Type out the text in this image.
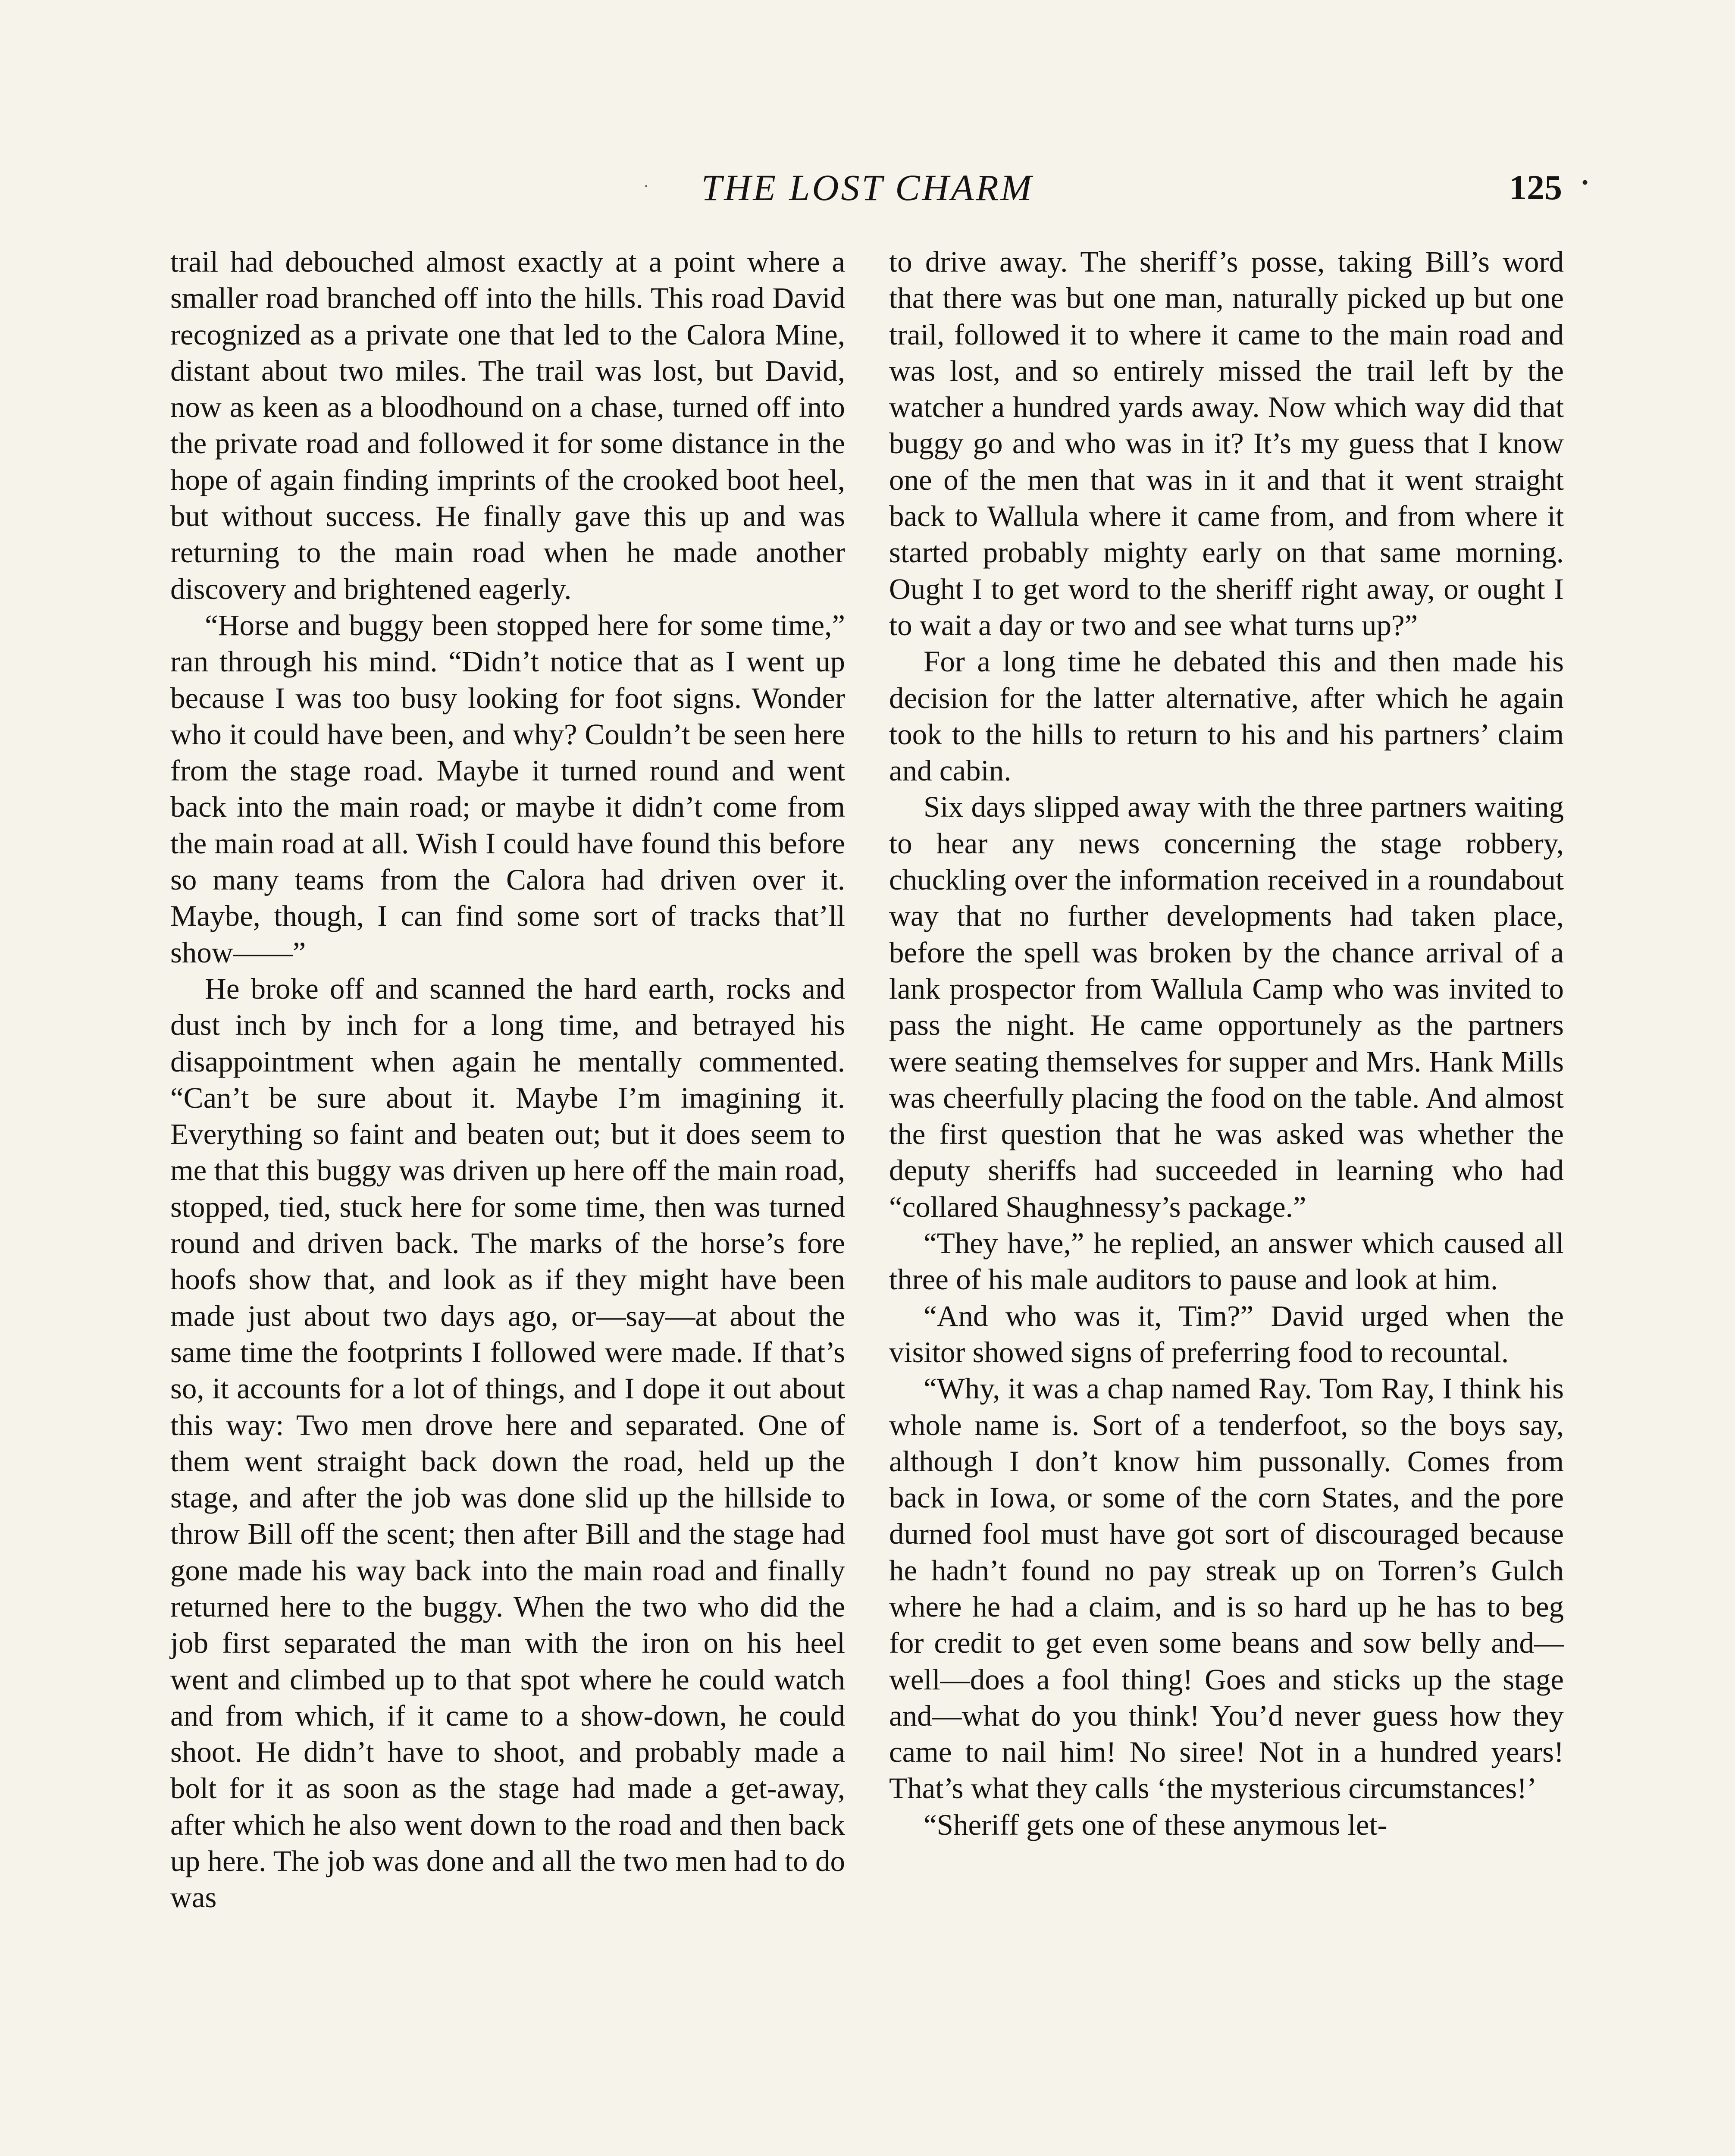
THE LOST CHARM
·	125 •

trail had debouched almost exactly at a point where a smaller road branched off into the hills. This road David recognized as a private one that led to the Calora Mine, distant about two miles. The trail was lost, but David, now as keen as a bloodhound on a chase, turned off into the private road and followed it for some distance in the hope of again finding imprints of the crooked boot heel, but without success. He finally gave this up and was returning to the main road when he made another discovery and brightened eagerly.

“Horse and buggy been stopped here for some time,” ran through his mind. “Didn’t notice that as I went up because I was too busy looking for foot signs. Wonder who it could have been, and why? Couldn’t be seen here from the stage road. Maybe it turned round and went back into the main road; or maybe it didn’t come from the main road at all. Wish I could have found this before so many teams from the Calora had driven over it. Maybe, though, I can find some sort of tracks that’ll show——”

He broke off and scanned the hard earth, rocks and dust inch by inch for a long time, and betrayed his disappointment when again he mentally commented. “Can’t be sure about it. Maybe I’m imagining it. Everything so faint and beaten out; but it does seem to me that this buggy was driven up here off the main road, stopped, tied, stuck here for some time, then was turned round and driven back. The marks of the horse’s fore hoofs show that, and look as if they might have been made just about two days ago, or—say—at about the same time the footprints I followed were made. If that’s so, it accounts for a lot of things, and I dope it out about this way: Two men drove here and separated. One of them went straight back down the road, held up the stage, and after the job was done slid up the hillside to throw Bill off the scent; then after Bill and the stage had gone made his way back into the main road and finally returned here to the buggy. When the two who did the job first separated the man with the iron on his heel went and climbed up to that spot where he could watch and from which, if it came to a show-down, he could shoot. He didn’t have to shoot, and probably made a bolt for it as soon as the stage had made a get-away, after which he also went down to the road and then back up here. The job was done and all the two men had to do was

to drive away. The sheriff’s posse, taking Bill’s word that there was but one man, naturally picked up but one trail, followed it to where it came to the main road and was lost, and so entirely missed the trail left by the watcher a hundred yards away. Now which way did that buggy go and who was in it? It’s my guess that I know one of the men that was in it and that it went straight back to Wallula where it came from, and from where it started probably mighty early on that same morning. Ought I to get word to the sheriff right away, or ought I to wait a day or two and see what turns up?”

For a long time he debated this and then made his decision for the latter alternative, after which he again took to the hills to return to his and his partners’ claim and cabin.

Six days slipped away with the three partners waiting to hear any news concerning the stage robbery, chuckling over the information received in a roundabout way that no further developments had taken place, before the spell was broken by the chance arrival of a lank prospector from Wallula Camp who was invited to pass the night. He came opportunely as the partners were seating themselves for supper and Mrs. Hank Mills was cheerfully placing the food on the table. And almost the first question that he was asked was whether the deputy sheriffs had succeeded in learning who had “collared Shaughnessy’s package.”

“They have,” he replied, an answer which caused all three of his male auditors to pause and look at him.

“And who was it, Tim?” David urged when the visitor showed signs of preferring food to recountal.

“Why, it was a chap named Ray. Tom Ray, I think his whole name is. Sort of a tenderfoot, so the boys say, although I don’t know him pussonally. Comes from back in Iowa, or some of the corn States, and the pore durned fool must have got sort of discouraged because he hadn’t found no pay streak up on Torren’s Gulch where he had a claim, and is so hard up he has to beg for credit to get even some beans and sow belly and—well—does a fool thing! Goes and sticks up the stage and—what do you think! You’d never guess how they came to nail him! No siree! Not in a hundred years! That’s what they calls ‘the mysterious circumstances!’

“Sheriff gets one of these anymous let-
